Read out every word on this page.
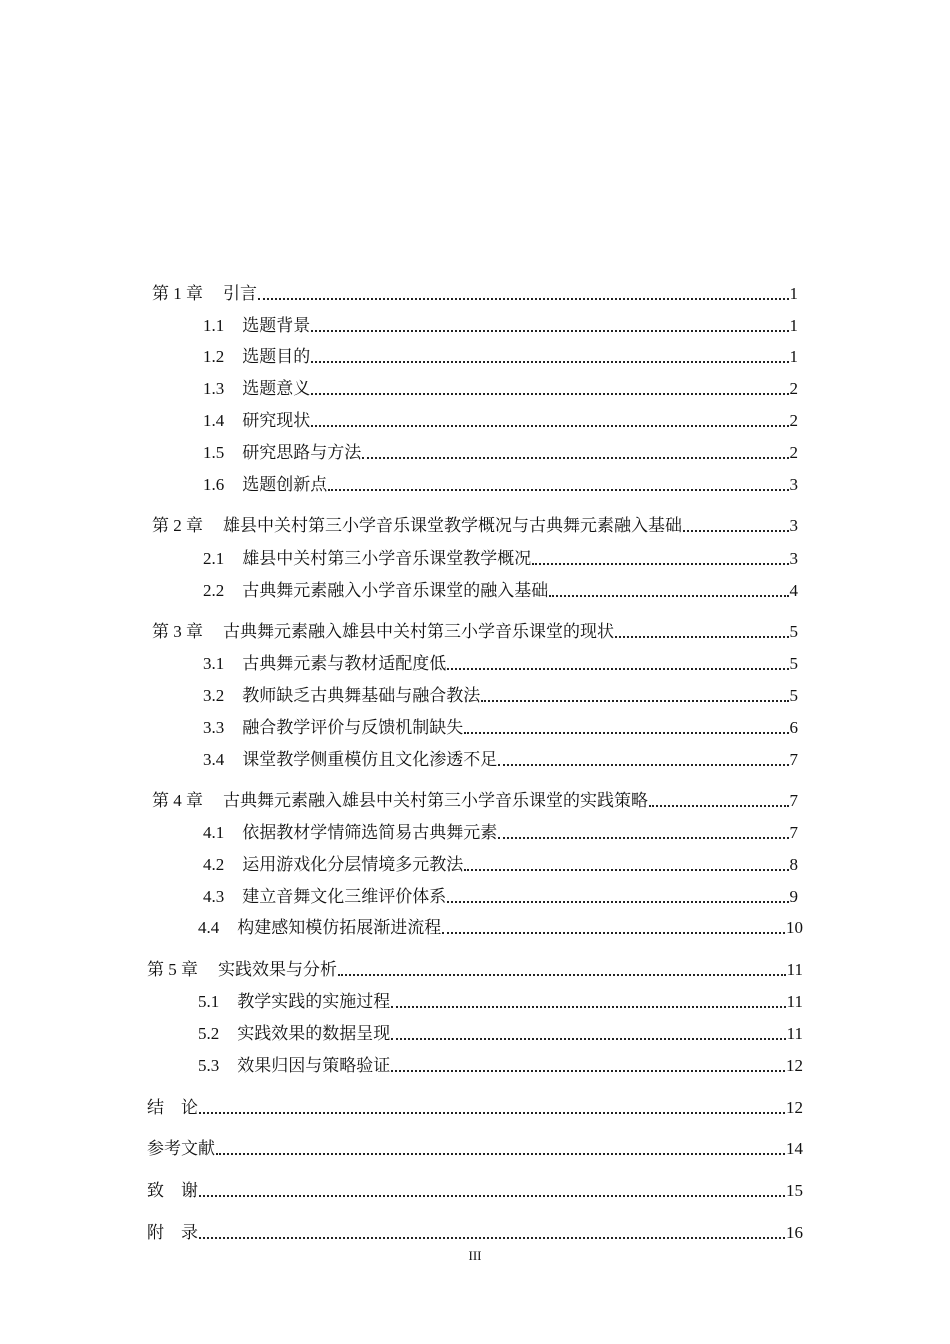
第 1 章	引言	1
1.1	选题背景	1
1.2	选题目的	1
1.3	选题意义	2
1.4	研究现状	2
1.5	研究思路与方法	2
1.6	选题创新点	3
第 2 章	雄县中关村第三小学音乐课堂教学概况与古典舞元素融入基础	3
2.1	雄县中关村第三小学音乐课堂教学概况	3
2.2	古典舞元素融入小学音乐课堂的融入基础	4
第 3 章	古典舞元素融入雄县中关村第三小学音乐课堂的现状	5
3.1	古典舞元素与教材适配度低	5
3.2	教师缺乏古典舞基础与融合教法	5
3.3	融合教学评价与反馈机制缺失	6
3.4	课堂教学侧重模仿且文化渗透不足	7
第 4 章	古典舞元素融入雄县中关村第三小学音乐课堂的实践策略	7
4.1	依据教材学情筛选简易古典舞元素	7
4.2	运用游戏化分层情境多元教法	8
4.3	建立音舞文化三维评价体系	9
4.4	构建感知模仿拓展渐进流程	10
第 5 章	实践效果与分析	11
5.1	教学实践的实施过程	11
5.2	实践效果的数据呈现	11
5.3	效果归因与策略验证	12
结　论	12
参考文献	14
致　谢	15
附　录	16
III
